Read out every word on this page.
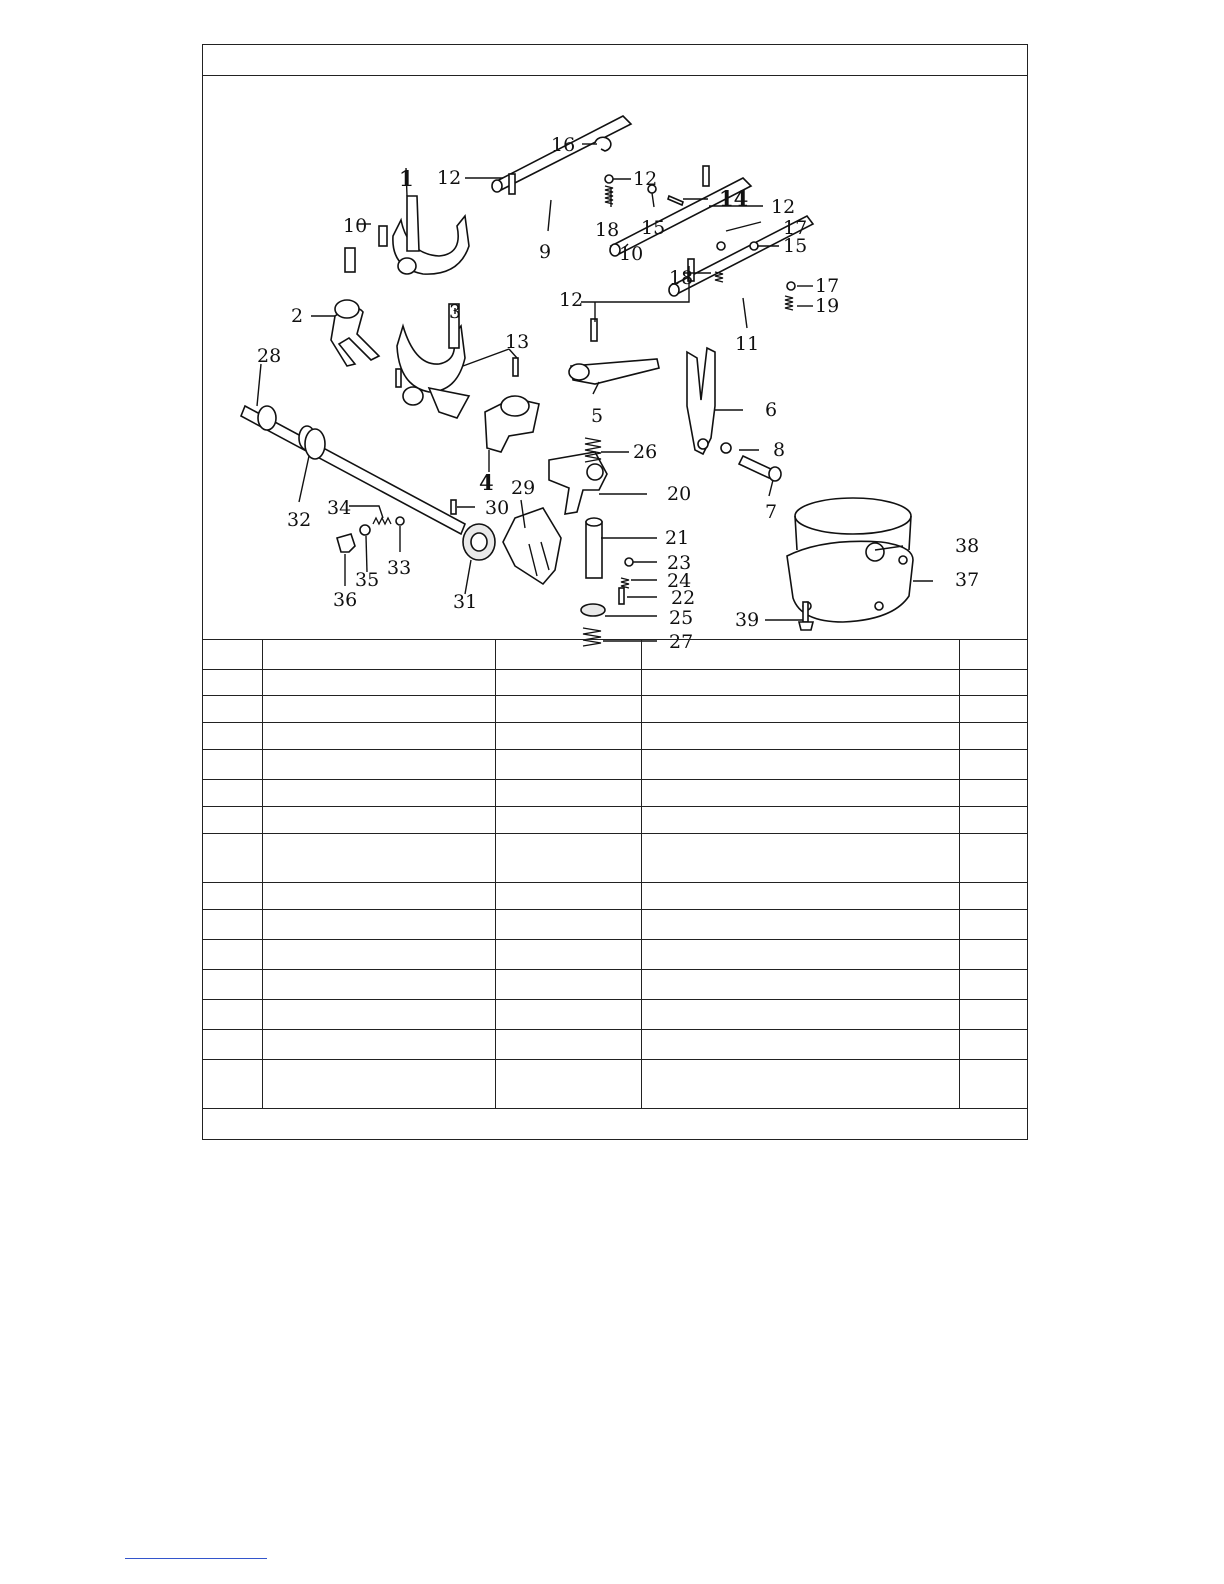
1
2	3
4
5	6
7
8
9
10
10
11
12	12
12
12
13
14
15
15
16
17
17
18
18
19
20
21
22
23
24
25
26
27
28
29
30
31
32
33
34
35
36
37
38
39
